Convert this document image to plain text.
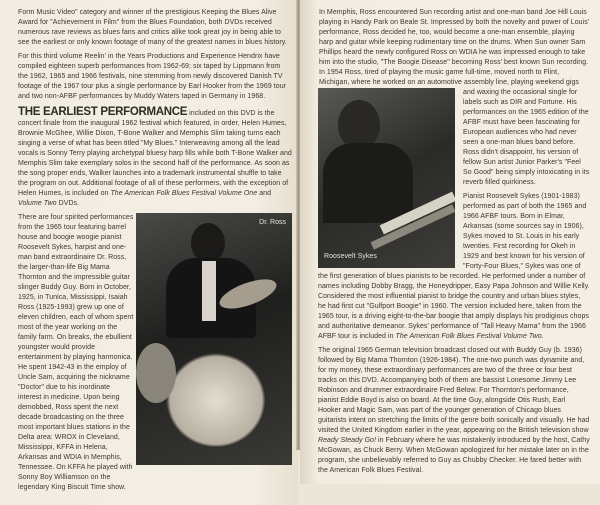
Form Music Video" category and winner of the prestigious Keeping the Blues Alive Award for "Achievement in Film" from the Blues Foundation, both DVDs received numerous rave reviews as blues fans and critics alike took great joy in being able to see the earliest or only known footage of many of the greatest names in blues history.

For this third volume Reelin' in the Years Productions and Experience Hendrix have compiled eighteen superb performances from 1962-69; six taped by Lippmann from the 1962, 1965 and 1966 festivals, nine stemming from newly discovered Danish TV footage of the 1967 tour plus a single performance by Earl Hooker from the 1969 tour and two non-AFBF performances by Muddy Waters taped in Germany in 1968.

THE EARLIEST PERFORMANCE included on this DVD is the concert finale from the inaugural 1962 festival which featured, in order, Helen Humes, Brownie McGhee, Willie Dixon, T-Bone Walker and Memphis Slim taking turns each singing a verse of what has been titled "My Blues." Interweaving among all the lead vocals is Sonny Terry playing archetypal bluesy harp fills while both T-Bone Walker and Memphis Slim take exemplary solos in the second half of the performance. As soon as the song proper ends, Walker launches into a trademark instrumental shuffle to take the program on out. Additional footage of all of these performers, with the exception of Helen Humes, is included on The American Folk Blues Festival Volume One and Volume Two DVDs.

There are four spirited performances from the 1965 tour featuring barrel house and boogie woogie pianist Roosevelt Sykes, harpist and one-man band extraordinaire Dr. Ross, the larger-than-life Big Mama Thornton and the impressible guitar slinger Buddy Guy. Born in October, 1925, in Tunica, Mississippi, Isaiah Ross (1925-1993) grew up one of eleven children, each of whom spent most of the year working on the family farm. On breaks, the ebullient youngster would provide entertainment by playing harmonica. He spent 1942-43 in the employ of Uncle Sam, acquiring the nickname "Doctor" due to his inordinate interest in medicine. Upon being demobbed, Ross spent the next decade broadcasting on the three most important blues stations in the Delta area: WROX in Cleveland, Mississippi, KFFA in Helena, Arkansas and WDIA in Memphis, Tennessee. On KFFA he played with Sonny Boy Williamson on the legendary King Biscuit Time show.

Dr. Ross
Roosevelt Sykes

In Memphis, Ross encountered Sun recording artist and one-man band Joe Hill Louis playing in Handy Park on Beale St. Impressed by both the novelty and power of Louis' performance, Ross decided he, too, would become a one-man ensemble, playing harp and guitar while keeping rudimentary time on the drums. When Sun owner Sam Phillips heard the newly configured Ross on WDIA he was impressed enough to take him into the studio, "The Boogie Disease" becoming Ross' best known Sun recording. In 1954 Ross, tired of playing the music game full-time, moved north to Flint, Michigan, where he worked on an automotive assembly line, playing weekend gigs and waxing the occasional single for labels such as DIR and Fortune. His performances on the 1965 edition of the AFBF must have been fascinating for European audiences who had never seen a one-man blues band before. Ross didn't disappoint, his version of fellow Sun artist Junior Parker's "Feel So Good" being simply intoxicating in its reverb filled quirkiness.

Pianist Roosevelt Sykes (1901-1983) performed as part of both the 1965 and 1966 AFBF tours. Born in Elmar, Arkansas (some sources say in 1906), Sykes moved to St. Louis in his early twenties. First recording for Okeh in 1929 and best known for his version of "Forty-Four Blues," Sykes was one of the first generation of blues pianists to be recorded. He performed under a number of names including Dobby Bragg, the Honeydripper, Easy Papa Johnson and Willie Kelly. Considered the most influential pianist to bridge the country and urban blues styles, he had first cut "Gulfport Boogie" in 1960. The version included here, taken from the 1965 tour, is a driving eight-to-the-bar boogie that amply displays his prodigious chops and authoritative demeanor. Sykes' performance of "Tall Heavy Mama" from the 1966 AFBF tour is included in The American Folk Blues Festival Volume Two.

The original 1965 German television broadcast closed out with Buddy Guy (b. 1936) followed by Big Mama Thornton (1926-1984). The one-two punch was dynamite and, for my money, these extraordinary performances are two of the three or four best tracks on this DVD. Accompanying both of them are bassist Lonesome Jimmy Lee Robinson and drummer extraordinaire Fred Below. For Thornton's performance, pianist Eddie Boyd is also on board. At the time Guy, alongside Otis Rush, Earl Hooker and Magic Sam, was part of the younger generation of Chicago blues guitarists intent on stretching the limits of the genre both sonically and visually. He had visited the United Kingdom earlier in the year, appearing on the British television show Ready Steady Go! in February where he was mistakenly introduced by the host, Cathy McGowan, as Chuck Berry. When McGowan apologized for her mistake later on in the program, she unbelievably referred to Guy as Chubby Checker. He fared better with the American Folk Blues Festival.
